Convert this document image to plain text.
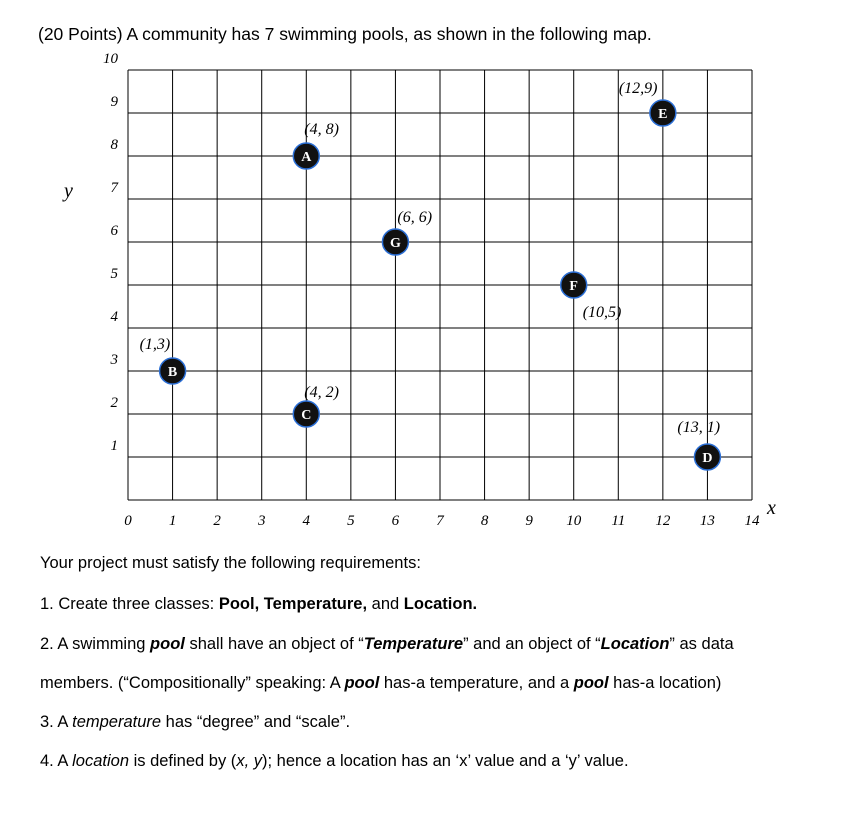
(20 Points) A community has 7 swimming pools, as shown in the following map.
0 1 2 3 4 5 6 7 8 9 10 11 12 13 14
1
2
3
4
5
6
7
8
9
10
(4, 8)
A
(1,3)
B
(4, 2)
C
(13, 1)
D
(12,9)
E
(10,5)
F
(6, 6)
G
x
y
Your project must satisfy the following requirements:
1. Create three classes: Pool, Temperature, and Location.
2. A swimming pool shall have an object of “Temperature” and an object of “Location” as data
members. (“Compositionally” speaking: A pool has-a temperature, and a pool has-a location)
3. A temperature has “degree” and “scale”.
4. A location is defined by (x, y); hence a location has an ‘x’ value and a ‘y’ value.
